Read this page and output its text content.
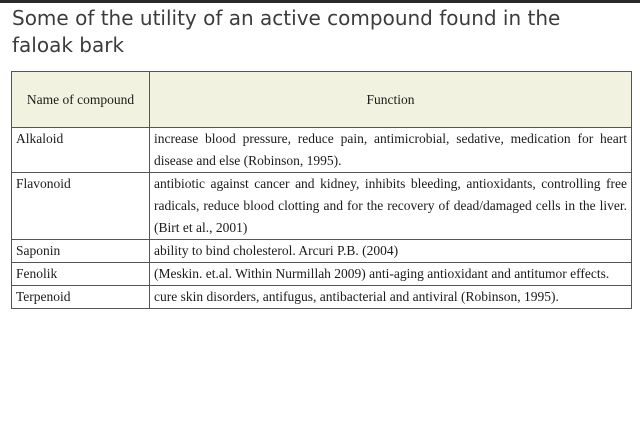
Some of the utility of an active compound found in the faloak bark
Name of compound	Function
Alkaloid	increase blood pressure, reduce pain, antimicrobial, sedative, medication for heart disease and else (Robinson, 1995).
Flavonoid	antibiotic against cancer and kidney, inhibits bleeding, antioxidants, controlling free radicals, reduce blood clotting and for the recovery of dead/damaged cells in the liver. (Birt et al., 2001)
Saponin	ability to bind cholesterol. Arcuri P.B. (2004)
Fenolik	(Meskin. et.al. Within Nurmillah 2009) anti-aging antioxidant and antitumor effects.
Terpenoid	cure skin disorders, antifugus, antibacterial and antiviral (Robinson, 1995).
